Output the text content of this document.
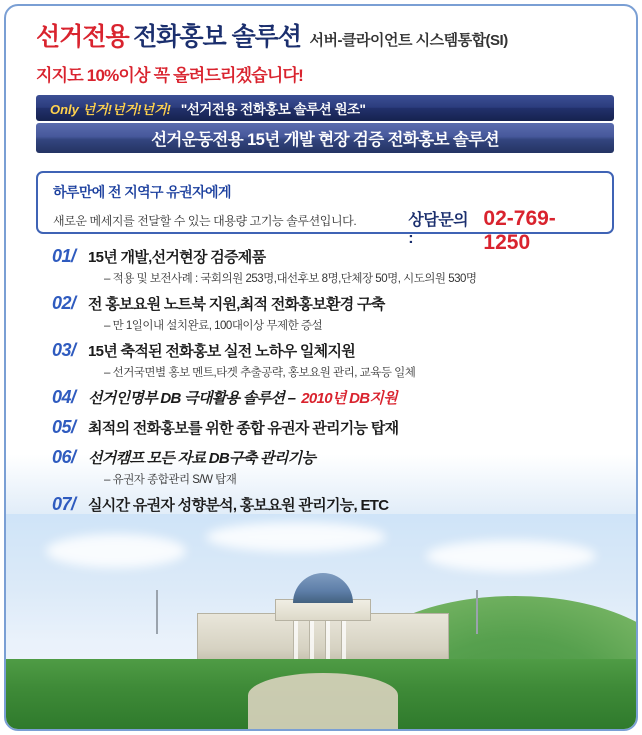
선거전용 전화홍보 솔루션 서버-클라이언트 시스템통합(SI)
지지도 10%이상 꼭 올려드리겠습니다!
Only 넌거!넌거!넌거! "선거전용 전화홍보 솔루션 원조"
선거운동전용 15년 개발 현장 검증 전화홍보 솔루션
하루만에 전 지역구 유권자에게
새로운 메세지를 전달할 수 있는 대용량 고기능 솔루션입니다.	상담문의 :
02-769-1250
01/ 15년 개발,선거현장 검증제품
– 적용 및 보전사례 : 국회의원 253명,대선후보 8명,단체장 50명, 시도의원 530명
02/ 전 홍보요원 노트북 지원,최적 전화홍보환경 구축
– 만 1일이내 설치완료, 100대이상 무제한 증설
03/ 15년 축적된 전화홍보 실전 노하우 일체지원
– 선거국면별 홍보 멘트,타겟 추출공략, 홍보요원 관리, 교육등 일체
04/ 선거인명부 DB 극대활용 솔루션 – 2010년 DB지원
05/ 최적의 전화홍보를 위한 종합 유권자 관리기능 탑재
06/ 선거캠프 모든 자료 DB구축 관리기능
– 유권자 종합관리 S/W 탑재
07/ 실시간 유권자 성향분석, 홍보요원 관리기능, ETC
